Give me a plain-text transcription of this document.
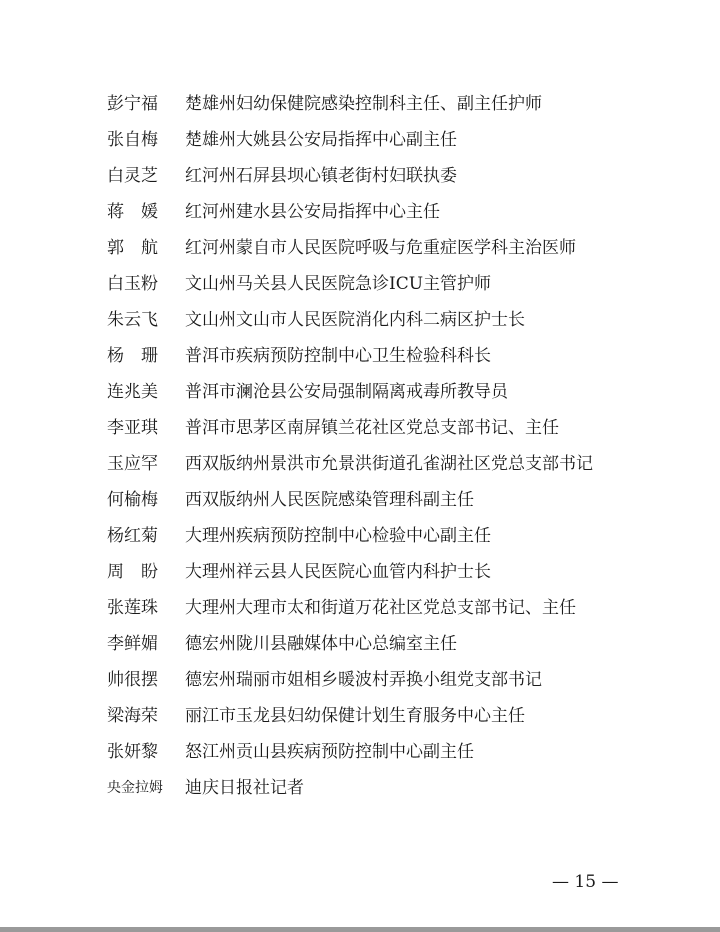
彭宁福	楚雄州妇幼保健院感染控制科主任、副主任护师
张自梅	楚雄州大姚县公安局指挥中心副主任
白灵芝	红河州石屏县坝心镇老街村妇联执委
蒋　媛	红河州建水县公安局指挥中心主任
郭　航	红河州蒙自市人民医院呼吸与危重症医学科主治医师
白玉粉	文山州马关县人民医院急诊ICU主管护师
朱云飞	文山州文山市人民医院消化内科二病区护士长
杨　珊	普洱市疾病预防控制中心卫生检验科科长
连兆美	普洱市澜沧县公安局强制隔离戒毒所教导员
李亚琪	普洱市思茅区南屏镇兰花社区党总支部书记、主任
玉应罕	西双版纳州景洪市允景洪街道孔雀湖社区党总支部书记
何榆梅	西双版纳州人民医院感染管理科副主任
杨红菊	大理州疾病预防控制中心检验中心副主任
周　盼	大理州祥云县人民医院心血管内科护士长
张莲珠	大理州大理市太和街道万花社区党总支部书记、主任
李鲜媚	德宏州陇川县融媒体中心总编室主任
帅很摆	德宏州瑞丽市姐相乡暖波村弄换小组党支部书记
梁海荣	丽江市玉龙县妇幼保健计划生育服务中心主任
张妍黎	怒江州贡山县疾病预防控制中心副主任
央金拉姆	迪庆日报社记者
— 15 —
